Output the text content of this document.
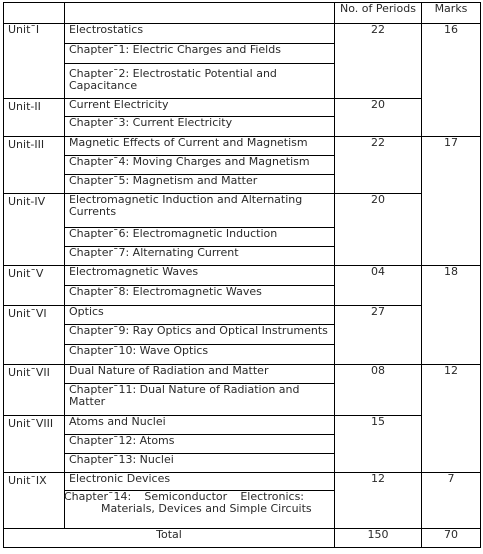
		No. of Periods	Marks
Unit¯I	Electrostatics	22	16
	Chapter¯1: Electric Charges and Fields		
	Chapter¯2: Electrostatic Potential and Capacitance		
Unit-II	Current Electricity	20	
	Chapter¯3: Current Electricity		
Unit-III	Magnetic Effects of Current and Magnetism	22	17
	Chapter¯4: Moving Charges and Magnetism		
	Chapter¯5: Magnetism and Matter		
Unit-IV	Electromagnetic Induction and Alternating Currents	20	
	Chapter¯6: Electromagnetic Induction		
	Chapter¯7: Alternating Current		
Unit¯V	Electromagnetic Waves	04	18
	Chapter¯8: Electromagnetic Waves		
Unit¯VI	Optics	27	
	Chapter¯9: Ray Optics and Optical Instruments		
	Chapter¯10: Wave Optics		
Unit¯VII	Dual Nature of Radiation and Matter	08	12
	Chapter¯11: Dual Nature of Radiation and Matter		
Unit¯VIII	Atoms and Nuclei	15	
	Chapter¯12: Atoms		
	Chapter¯13: Nuclei		
Unit¯IX	Electronic Devices	12	7

	Chapter¯14: Semiconductor Electronics:
Materials, Devices and Simple Circuits		

Total		150	70
